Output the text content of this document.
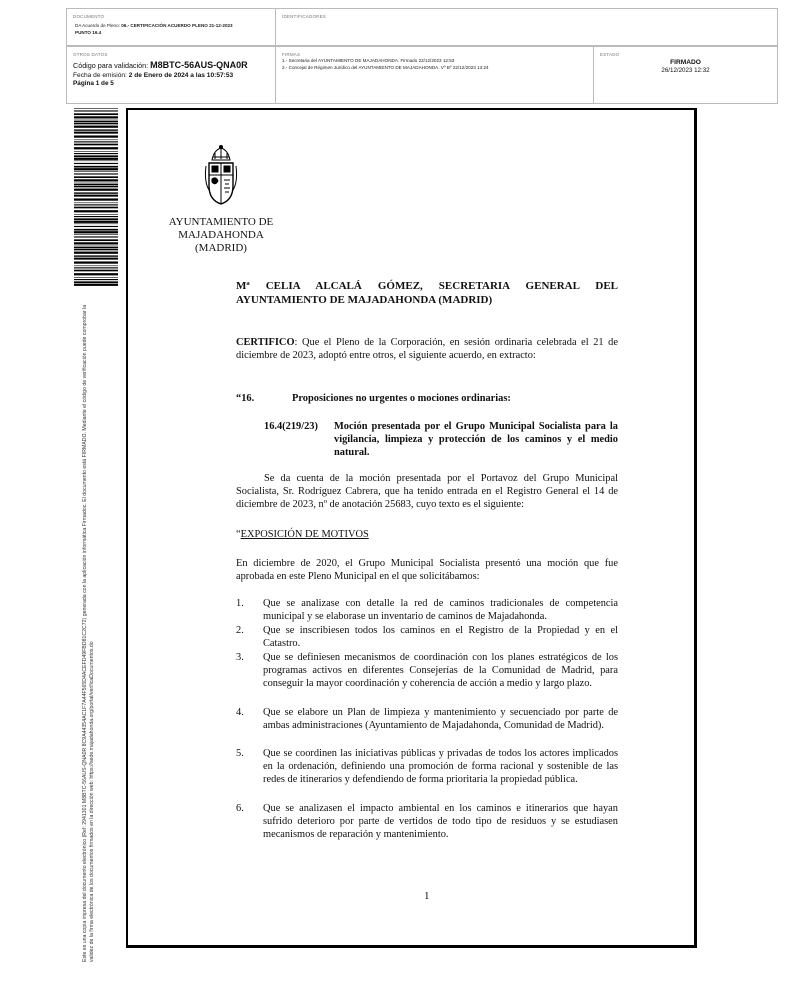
DOCUMENTO
DA Acuerdo de Pleno: 06.- CERTIFICACIÓN ACUERDO PLENO 21-12-2023
PUNTO 16.4
IDENTIFICADORES
OTROS DATOS
Código para validación: M8BTC-56AUS-QNA0R
Fecha de emisión: 2 de Enero de 2024 a las 10:57:53
Página 1 de 5
FIRMAS
1.- Secretaria del AYUNTAMIENTO DE MAJADAHONDA. Firmado 22/12/2023 12:53
2.- Concejal de Régimen Jurídico del AYUNTAMIENTO DE MAJADAHONDA. Vº Bº 22/12/2023 13:24
ESTADO
FIRMADO
26/12/2023 12:32
Este es una copia impresa del documento electrónico (Ref: 2941301 M8BTC-56AUS-QNA0R 8C9A44354AC1F7A44F565D4ACEFD49FBD81C2C72) generada con la aplicación informática Firmadoc. El documento está FIRMADO. Mediante el código de verificación puede comprobar la validez de la firma electrónica de los documentos firmados en la dirección web: https://sede.majadahonda.org/portal/verificaDocumentos.do
AYUNTAMIENTO DE
MAJADAHONDA
(MADRID)
Mª CELIA ALCALÁ GÓMEZ, SECRETARIA GENERAL DEL AYUNTAMIENTO DE MAJADAHONDA (MADRID)
CERTIFICO: Que el Pleno de la Corporación, en sesión ordinaria celebrada el 21 de diciembre de 2023, adoptó entre otros, el siguiente acuerdo, en extracto:
“16.	Proposiciones no urgentes o mociones ordinarias:
16.4(219/23) Moción presentada por el Grupo Municipal Socialista para la vigilancia, limpieza y protección de los caminos y el medio natural.
Se da cuenta de la moción presentada por el Portavoz del Grupo Municipal Socialista, Sr. Rodríguez Cabrera, que ha tenido entrada en el Registro General el 14 de diciembre de 2023, nº de anotación 25683, cuyo texto es el siguiente:
“EXPOSICIÓN DE MOTIVOS
En diciembre de 2020, el Grupo Municipal Socialista presentó una moción que fue aprobada en este Pleno Municipal en el que solicitábamos:
1. Que se analizase con detalle la red de caminos tradicionales de competencia municipal y se elaborase un inventario de caminos de Majadahonda.
2. Que se inscribiesen todos los caminos en el Registro de la Propiedad y en el Catastro.
3. Que se definiesen mecanismos de coordinación con los planes estratégicos de los programas activos en diferentes Consejerías de la Comunidad de Madrid, para conseguir la mayor coordinación y coherencia de acción a medio y largo plazo.
4. Que se elabore un Plan de limpieza y mantenimiento y secuenciado por parte de ambas administraciones (Ayuntamiento de Majadahonda, Comunidad de Madrid).
5. Que se coordinen las iniciativas públicas y privadas de todos los actores implicados en la ordenación, definiendo una promoción de forma racional y sostenible de las redes de itinerarios y defendiendo de forma prioritaria la propiedad pública.
6. Que se analizasen el impacto ambiental en los caminos e itinerarios que hayan sufrido deterioro por parte de vertidos de todo tipo de residuos y se estudiasen mecanismos de reparación y mantenimiento.
1
